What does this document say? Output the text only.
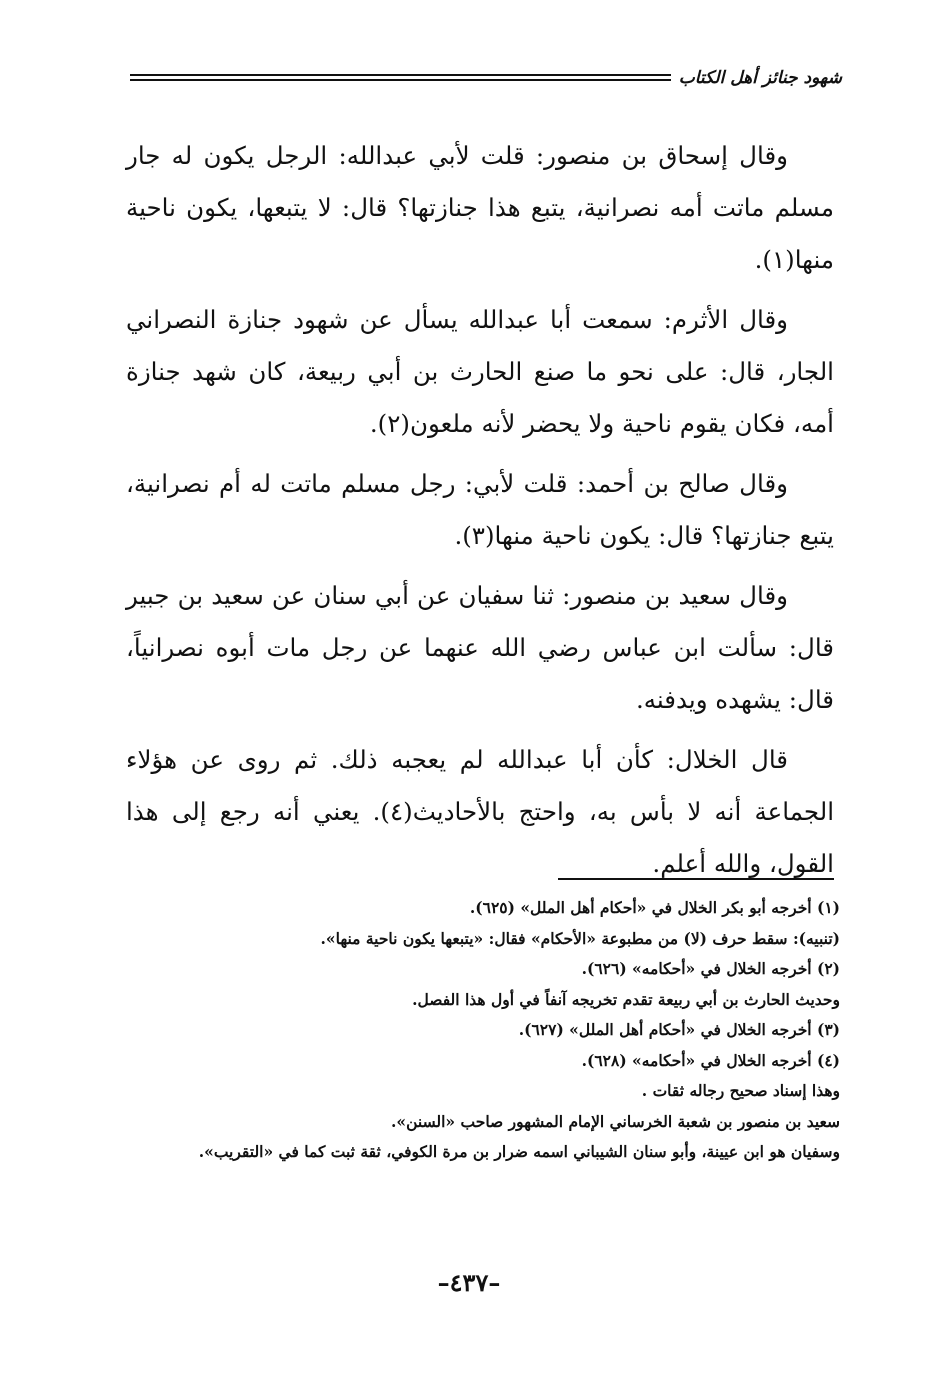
شهود جنائز أهل الكتاب

وقال إسحاق بن منصور: قلت لأبي عبدالله: الرجل يكون له جار مسلم ماتت أمه نصرانية، يتبع هذا جنازتها؟ قال: لا يتبعها، يكون ناحية منها(١).

وقال الأثرم: سمعت أبا عبدالله يسأل عن شهود جنازة النصراني الجار، قال: على نحو ما صنع الحارث بن أبي ربيعة، كان شهد جنازة أمه، فكان يقوم ناحية ولا يحضر لأنه ملعون(٢).

وقال صالح بن أحمد: قلت لأبي: رجل مسلم ماتت له أم نصرانية، يتبع جنازتها؟ قال: يكون ناحية منها(٣).

وقال سعيد بن منصور: ثنا سفيان عن أبي سنان عن سعيد بن جبير قال: سألت ابن عباس رضي الله عنهما عن رجل مات أبوه نصرانياً، قال: يشهده ويدفنه.

قال الخلال: كأن أبا عبدالله لم يعجبه ذلك. ثم روى عن هؤلاء الجماعة أنه لا بأس به، واحتج بالأحاديث(٤). يعني أنه رجع إلى هذا القول، والله أعلم.

(١) أخرجه أبو بكر الخلال في «أحكام أهل الملل» (٦٢٥).
(تنبيه): سقط حرف (لا) من مطبوعة «الأحكام» فقال: «يتبعها يكون ناحية منها».
(٢) أخرجه الخلال في «أحكامه» (٦٢٦).
وحديث الحارث بن أبي ربيعة تقدم تخريجه آنفاً في أول هذا الفصل.
(٣) أخرجه الخلال في «أحكام أهل الملل» (٦٢٧).
(٤) أخرجه الخلال في «أحكامه» (٦٢٨).
وهذا إسناد صحيح رجاله ثقات .
سعيد بن منصور بن شعبة الخرساني الإمام المشهور صاحب «السنن».
وسفيان هو ابن عيينة، وأبو سنان الشيباني اسمه ضرار بن مرة الكوفي، ثقة ثبت كما في «التقريب».
–٤٣٧–
